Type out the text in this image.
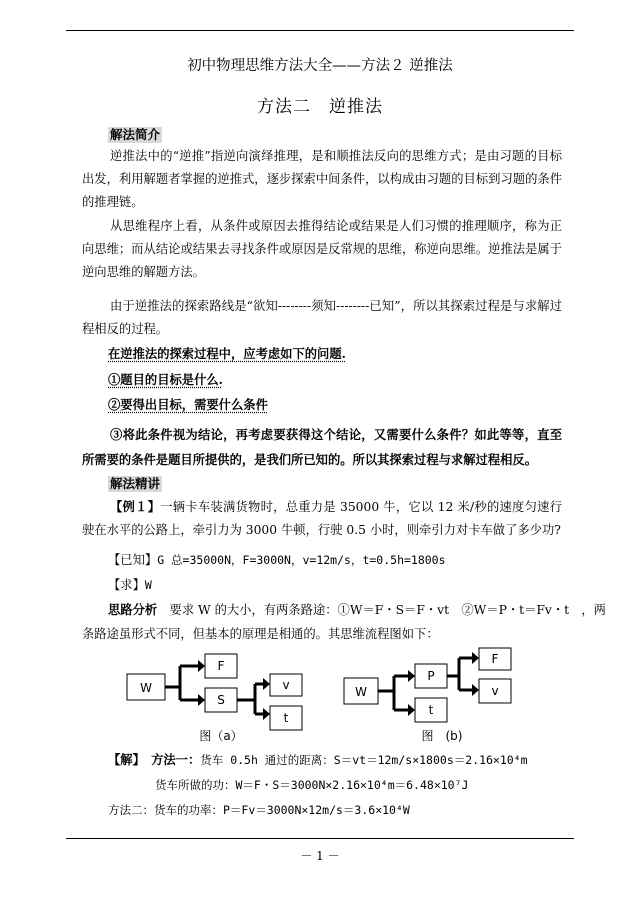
初中物理思维方法大全——方法２ 逆推法
方法二　逆推法
解法简介
逆推法中的“逆推”指逆向演绎推理，是和顺推法反向的思维方式；是由习题的目标出发，利用解题者掌握的逆推式，逐步探索中间条件，以构成由习题的目标到习题的条件的推理链。
从思维程序上看，从条件或原因去推得结论或结果是人们习惯的推理顺序，称为正向思维；而从结论或结果去寻找条件或原因是反常规的思维，称逆向思维。逆推法是属于逆向思维的解题方法。
由于逆推法的探索路线是“欲知--------须知--------已知”，所以其探索过程是与求解过程相反的过程。
在逆推法的探索过程中，应考虑如下的问题.
①题目的目标是什么.
②要得出目标，需要什么条件
③将此条件视为结论，再考虑要获得这个结论，又需要什么条件？如此等等，直至所需要的条件是题目所提供的，是我们所已知的。所以其探索过程与求解过程相反。
解法精讲
【例１】一辆卡车装满货物时，总重力是 35000 牛，它以 12 米/秒的速度匀速行驶在水平的公路上，牵引力为 3000 牛顿，行驶 0.5 小时，则牵引力对卡车做了多少功?
【已知】G 总=35000N，F=3000N，v=12m/s，t=0.5h=1800s
【求】W
思路分析　 要求 W 的大小，有两条路途：①W＝F・S＝F・vt　②W＝P・t＝Fv・t　，两
条路途虽形式不同，但基本的原理是相通的。其思维流程图如下：
W
F
S
v
t
图（a）
W
P
t
F
v
图　(b)
【解】　 方法一：货车 0.5h 通过的距离：S＝vt＝12m/s×1800s＝2.16×10⁴m
货车所做的功：W＝F・S＝3000N×2.16×10⁴m＝6.48×10⁷J
方法二：货车的功率：P＝Fv＝3000N×12m/s＝3.6×10⁴W
－ 1 －
